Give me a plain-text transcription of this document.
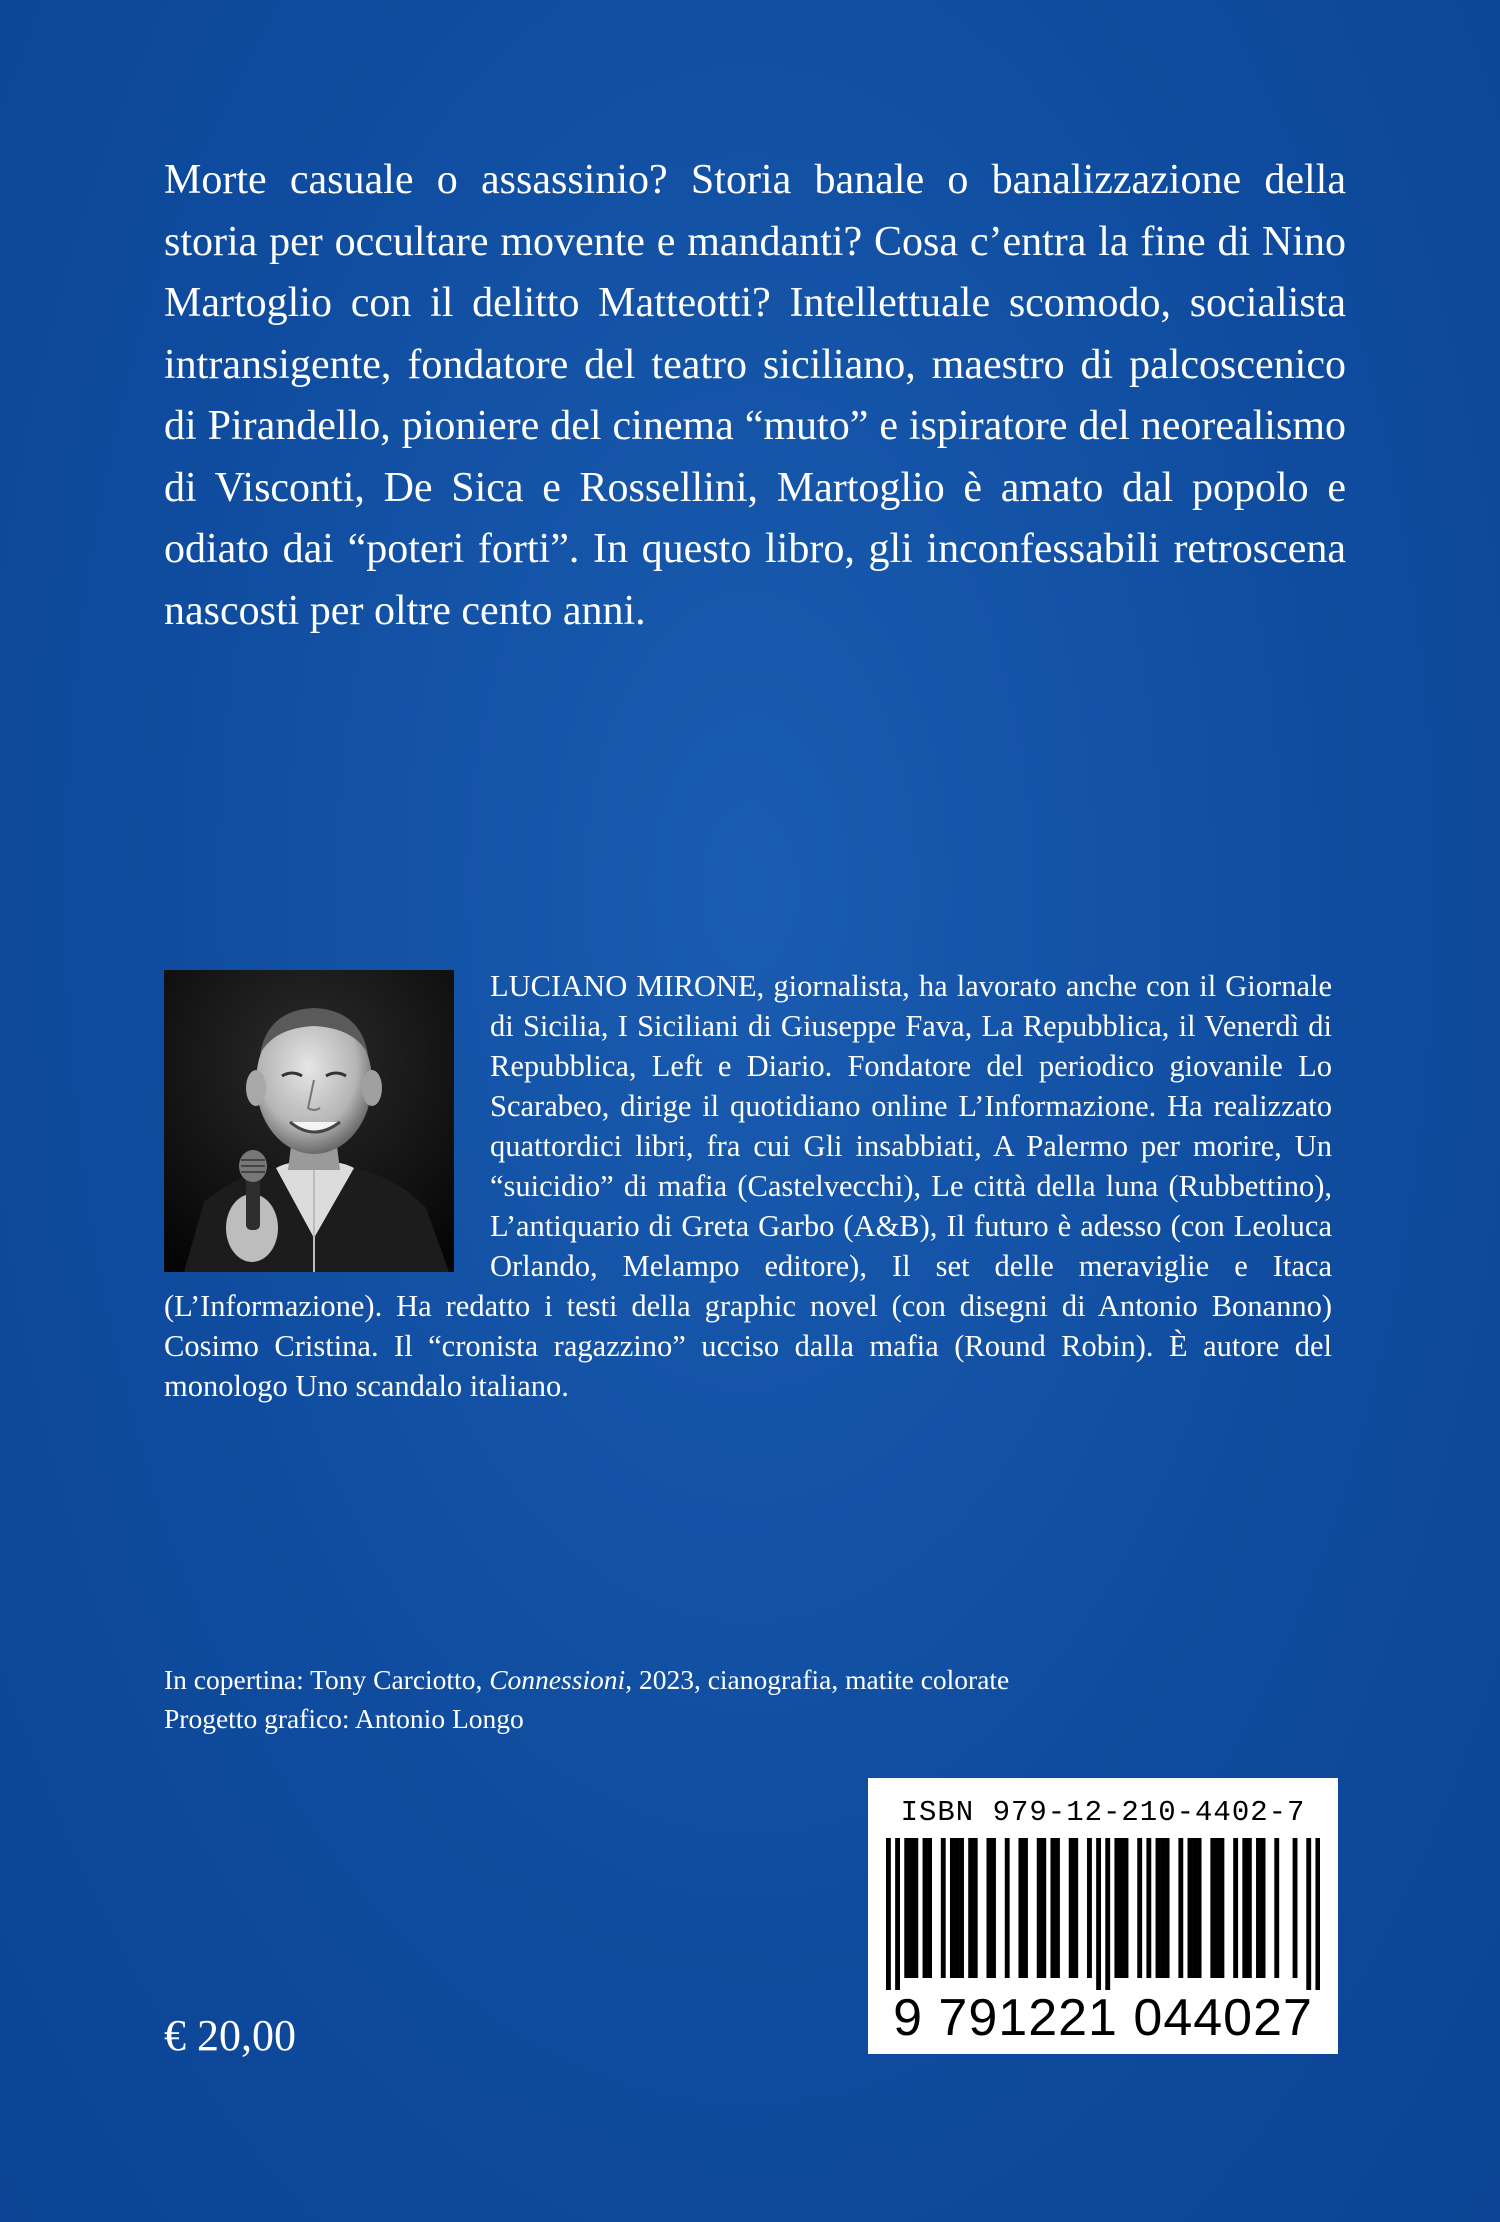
Morte casuale o assassinio? Storia banale o banalizzazione della storia per occultare movente e mandanti? Cosa c’entra la fine di Nino Martoglio con il delitto Matteotti? Intellettuale scomodo, socialista intransigente, fondatore del teatro siciliano, maestro di palcoscenico di Pirandello, pioniere del cinema “muto” e ispiratore del neorealismo di Visconti, De Sica e Rossellini, Martoglio è amato dal popolo e odiato dai “poteri forti”. In questo libro, gli inconfessabili retroscena nascosti per oltre cento anni.

LUCIANO MIRONE, giornalista, ha lavorato anche con il Giornale di Sicilia, I Siciliani di Giuseppe Fava, La Repubblica, il Venerdì di Repubblica, Left e Diario. Fondatore del periodico giovanile Lo Scarabeo, dirige il quotidiano online L’Informazione. Ha realizzato quattordici libri, fra cui Gli insabbiati, A Palermo per morire, Un “suicidio” di mafia (Castelvecchi), Le città della luna (Rubbettino), L’antiquario di Greta Garbo (A&B), Il futuro è adesso (con Leoluca Orlando, Melampo editore), Il set delle meraviglie e Itaca (L’Informazione). Ha redatto i testi della graphic novel (con disegni di Antonio Bonanno) Cosimo Cristina. Il “cronista ragazzino” ucciso dalla mafia (Round Robin). È autore del monologo Uno scandalo italiano.
In copertina: Tony Carciotto, Connessioni, 2023, cianografia, matite colorate
Progetto grafico: Antonio Longo
€ 20,00
ISBN 979-12-210-4402-7
9 791221 044027
